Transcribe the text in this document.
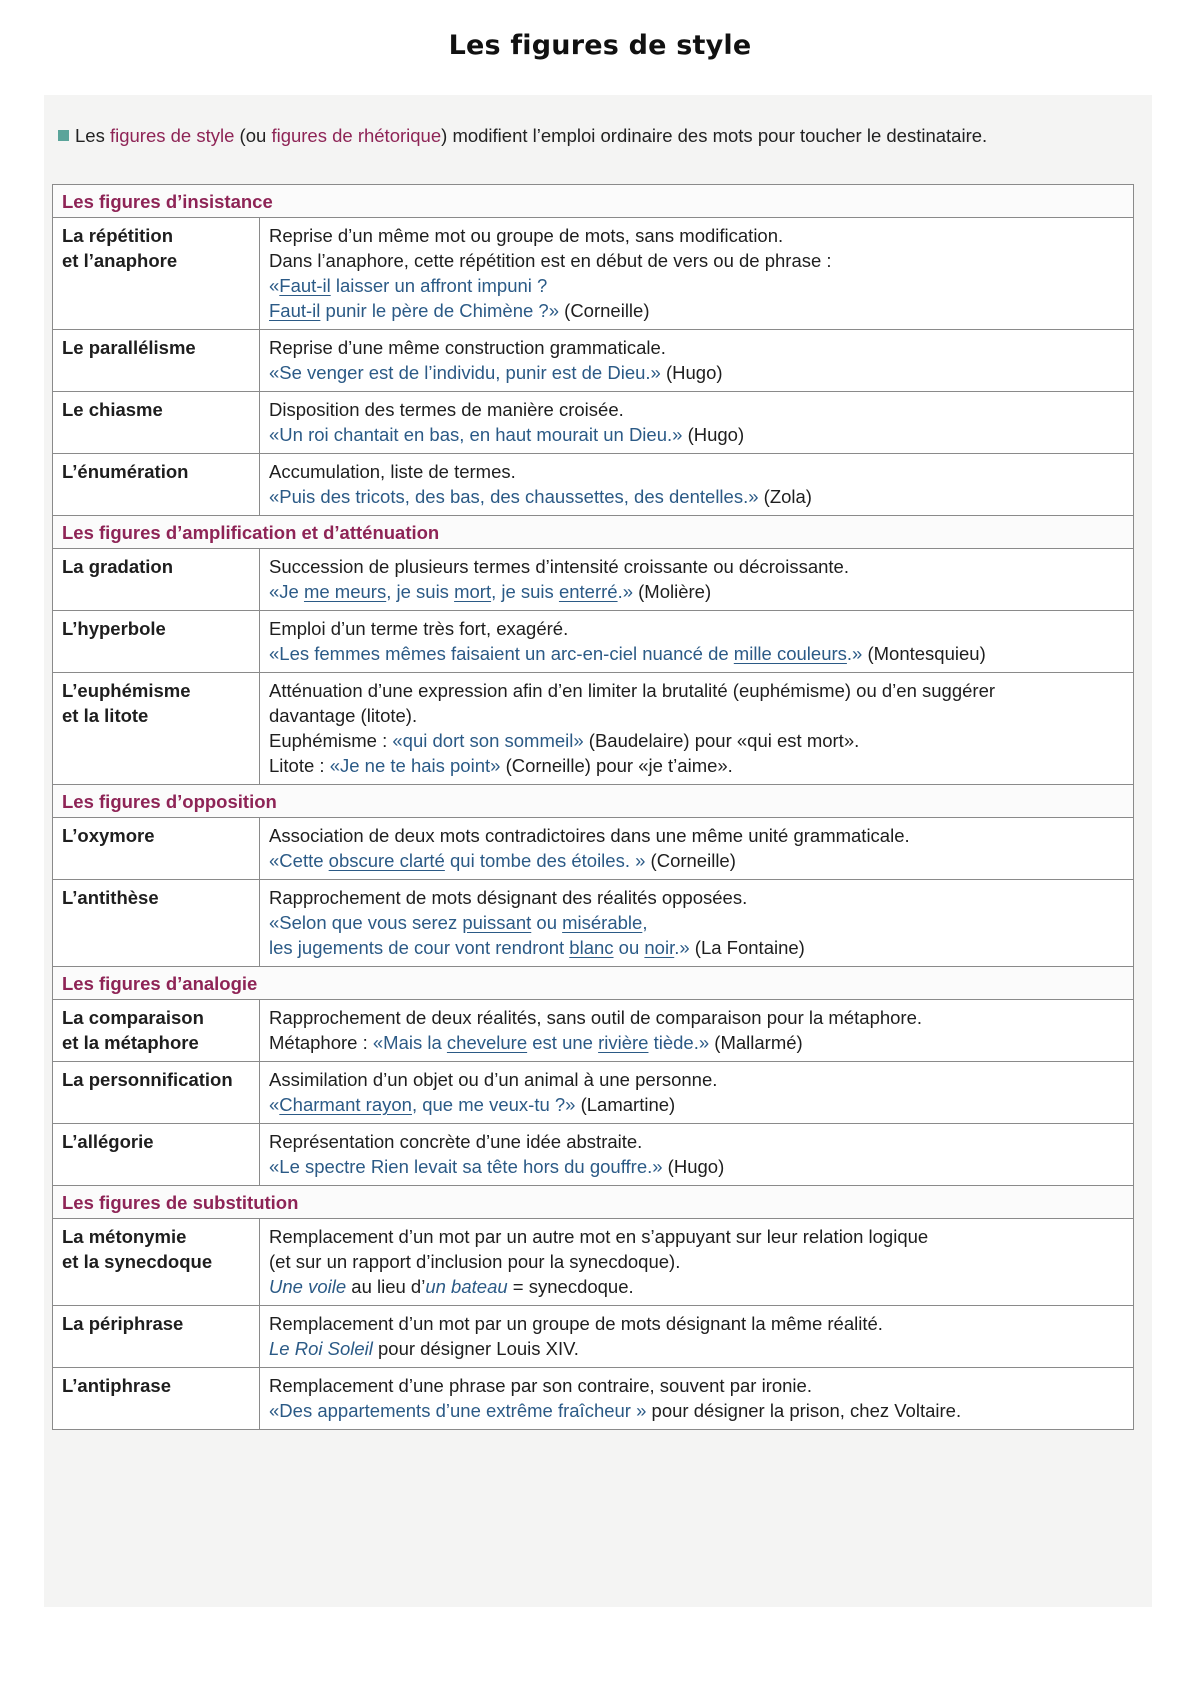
Les figures de style
Les figures de style (ou figures de rhétorique) modifient l’emploi ordinaire des mots pour toucher le destinataire.
Les figures d’insistance	

La répétition
et l’anaphore	Reprise d’un même mot ou groupe de mots, sans modification.
Dans l’anaphore, cette répétition est en début de vers ou de phrase :
«Faut-il laisser un affront impuni ?
Faut-il punir le père de Chimène ?» (Corneille)

Le parallélisme	Reprise d’une même construction grammaticale.
«Se venger est de l’individu, punir est de Dieu.» (Hugo)

Le chiasme	Disposition des termes de manière croisée.
«Un roi chantait en bas, en haut mourait un Dieu.» (Hugo)

L’énumération	Accumulation, liste de termes.
«Puis des tricots, des bas, des chaussettes, des dentelles.» (Zola)

Les figures d’amplification et d’atténuation	
La gradation	Succession de plusieurs termes d’intensité croissante ou décroissante.
«Je me meurs, je suis mort, je suis enterré.» (Molière)

L’hyperbole	Emploi d’un terme très fort, exagéré.
«Les femmes mêmes faisaient un arc-en-ciel nuancé de mille couleurs.» (Montesquieu)

L’euphémisme
et la litote	Atténuation d’une expression afin d’en limiter la brutalité (euphémisme) ou d’en suggérer
davantage (litote).
Euphémisme : «qui dort son sommeil» (Baudelaire) pour «qui est mort».
Litote : «Je ne te hais point» (Corneille) pour «je t’aime».

Les figures d’opposition	
L’oxymore	Association de deux mots contradictoires dans une même unité grammaticale.
«Cette obscure clarté qui tombe des étoiles. » (Corneille)

L’antithèse	Rapprochement de mots désignant des réalités opposées.
«Selon que vous serez puissant ou misérable,
les jugements de cour vont rendront blanc ou noir.» (La Fontaine)

Les figures d’analogie	

La comparaison
et la métaphore	Rapprochement de deux réalités, sans outil de comparaison pour la métaphore.
Métaphore : «Mais la chevelure est une rivière tiède.» (Mallarmé)

La personnification	Assimilation d’un objet ou d’un animal à une personne.
«Charmant rayon, que me veux-tu ?» (Lamartine)

L’allégorie	Représentation concrète d’une idée abstraite.
«Le spectre Rien levait sa tête hors du gouffre.» (Hugo)

Les figures de substitution	

La métonymie
et la synecdoque	Remplacement d’un mot par un autre mot en s’appuyant sur leur relation logique
(et sur un rapport d’inclusion pour la synecdoque).
Une voile au lieu d’un bateau = synecdoque.

La périphrase	Remplacement d’un mot par un groupe de mots désignant la même réalité.
Le Roi Soleil pour désigner Louis XIV.

L’antiphrase	Remplacement d’une phrase par son contraire, souvent par ironie.
«Des appartements d’une extrême fraîcheur » pour désigner la prison, chez Voltaire.
